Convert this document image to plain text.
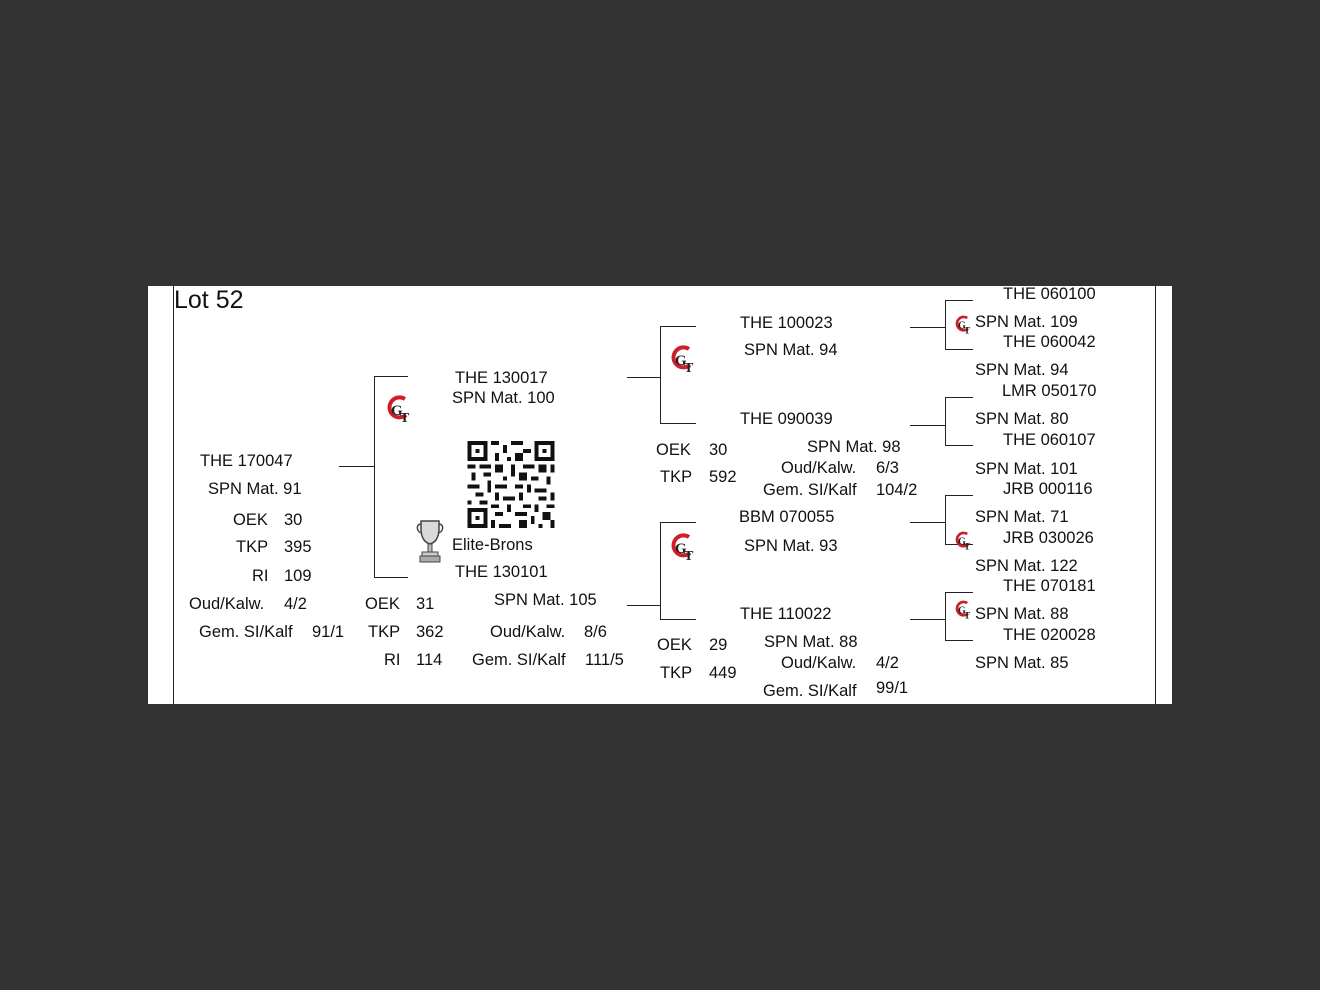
Lot 52
THE 170047
SPN Mat. 91
OEK 30
TKP 395
RI 109
Oud/Kalw. 4/2
Gem. SI/Kalf 91/1
G
T
THE 130017
SPN Mat. 100
Elite-Brons
THE 130101
SPN Mat. 105
OEK 31
TKP 362
RI 114
Oud/Kalw. 8/6
Gem. SI/Kalf 111/5
G
T
THE 100023
SPN Mat. 94
THE 090039
SPN Mat. 98
OEK 30
TKP 592	Oud/Kalw. 6/3
Gem. SI/Kalf 104/2
G
T
BBM 070055
SPN Mat. 93
THE 110022
SPN Mat. 88
OEK 29
TKP 449
Oud/Kalw. 4/2
Gem. SI/Kalf 99/1
G
T
G
T
G
T
THE 060100
SPN Mat. 109
THE 060042
SPN Mat. 94
LMR 050170
SPN Mat. 80
THE 060107
SPN Mat. 101
JRB 000116
SPN Mat. 71
JRB 030026
SPN Mat. 122
THE 070181
SPN Mat. 88
THE 020028
SPN Mat. 85
